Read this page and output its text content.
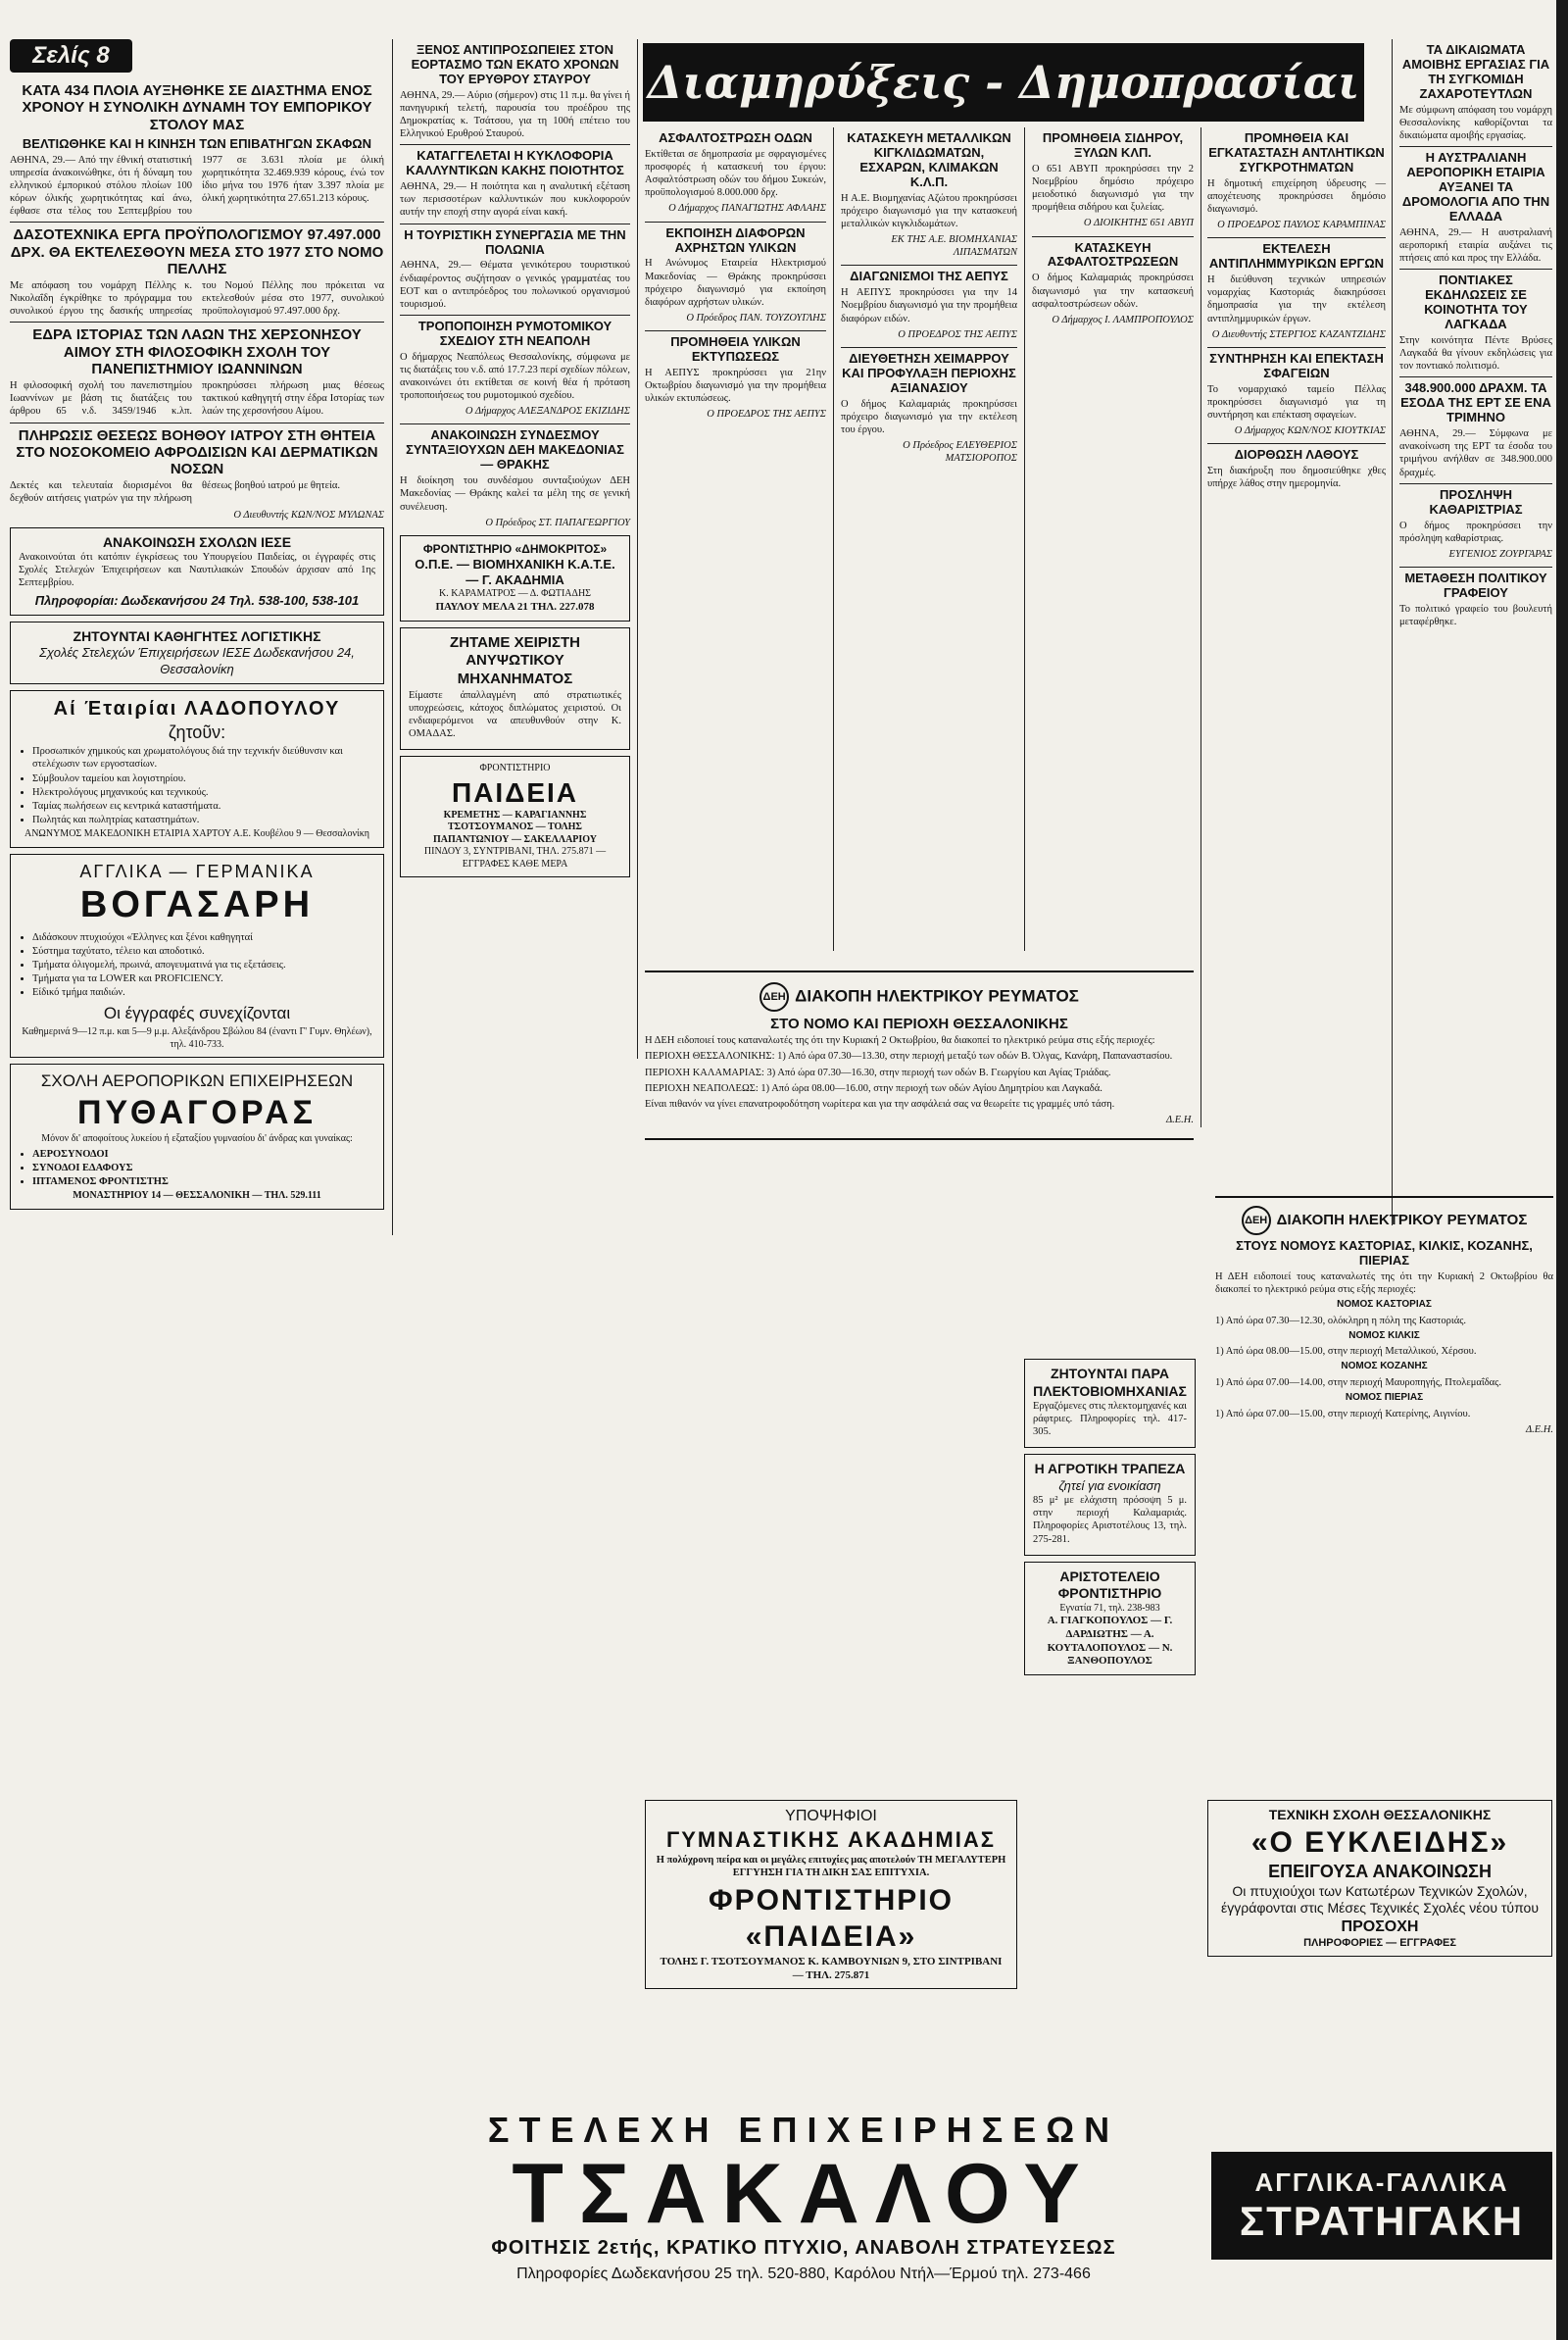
Σελίς 8
Διαμηρύξεις - Δημοπρασίαι
ΚΑΤΑ 434 ΠΛΟΙΑ ΑΥΞΗΘΗΚΕ ΣΕ ΔΙΑΣΤΗΜΑ ΕΝΟΣ ΧΡΟΝΟΥ Η ΣΥΝΟΛΙΚΗ ΔΥΝΑΜΗ ΤΟΥ ΕΜΠΟΡΙΚΟΥ ΣΤΟΛΟΥ ΜΑΣ
ΒΕΛΤΙΩΘΗΚΕ ΚΑΙ Η ΚΙΝΗΣΗ ΤΩΝ ΕΠΙΒΑΤΗΓΩΝ ΣΚΑΦΩΝ

ΑΘΗΝΑ, 29.— Από την έθνική στατιστική υπηρεσία άνακοινώθηκε, ότι ή δύναμη του ελληνικού έμπορικού στόλου πλοίων 100 κόρων όλικής χωρητικότητας καί άνω, έφθασε στα τέλος του Σεπτεμβρίου του 1977 σε 3.631 πλοία με όλική χωρητικότητα 32.469.939 κόρους, ένώ τον ίδιο μήνα του 1976 ήταν 3.397 πλοία με όλική χωρητικότητα 27.651.213 κόρους.

ΔΑΣΟΤΕΧΝΙΚΑ ΕΡΓΑ ΠΡΟΫΠΟΛΟΓΙΣΜΟΥ 97.497.000 ΔΡΧ. ΘΑ ΕΚΤΕΛΕΣΘΟΥΝ ΜΕΣΑ ΣΤΟ 1977 ΣΤΟ ΝΟΜΟ ΠΕΛΛΗΣ

Με απόφαση του νομάρχη Πέλλης κ. Νικολαΐδη έγκρίθηκε το πρόγραμμα του συνολικού έργου της δασικής υπηρεσίας του Νομού Πέλλης που πρόκειται να εκτελεσθούν μέσα στο 1977, συνολικού προϋπολογισμού 97.497.000 δρχ.

ΕΔΡΑ ΙΣΤΟΡΙΑΣ ΤΩΝ ΛΑΩΝ ΤΗΣ ΧΕΡΣΟΝΗΣΟΥ ΑΙΜΟΥ ΣΤΗ ΦΙΛΟΣΟΦΙΚΗ ΣΧΟΛΗ ΤΟΥ ΠΑΝΕΠΙΣΤΗΜΙΟΥ ΙΩΑΝΝΙΝΩΝ

Η φιλοσοφική σχολή του πανεπιστημίου Ιωαννίνων με βάση τις διατάξεις του άρθρου 65 ν.δ. 3459/1946 κ.λπ. προκηρύσσει πλήρωση μιας θέσεως τακτικού καθηγητή στην έδρα Ιστορίας των λαών της χερσονήσου Αίμου.

ΠΛΗΡΩΣΙΣ ΘΕΣΕΩΣ ΒΟΗΘΟΥ ΙΑΤΡΟΥ ΣΤΗ ΘΗΤΕΙΑ ΣΤΟ ΝΟΣΟΚΟΜΕΙΟ ΑΦΡΟΔΙΣΙΩΝ ΚΑΙ ΔΕΡΜΑΤΙΚΩΝ ΝΟΣΩΝ

Δεκτές και τελευταία διορισμένοι θα δεχθούν αιτήσεις γιατρών για την πλήρωση θέσεως βοηθού ιατρού με θητεία.

Ο Διευθυντής ΚΩΝ/ΝΟΣ ΜΥΛΩΝΑΣ
ΑΝΑΚΟΙΝΩΣΗ ΣΧΟΛΩΝ ΙΕΣΕ

Ανακοινούται ότι κατόπιν έγκρίσεως του Υπουργείου Παιδείας, οι έγγραφές στις Σχολές Στελεχών Έπιχειρήσεων και Ναυτιλιακών Σπουδών άρχισαν από 1ης Σεπτεμβρίου.

Πληροφορίαι: Δωδεκανήσου 24 Τηλ. 538-100, 538-101
ΖΗΤΟΥΝΤΑΙ ΚΑΘΗΓΗΤΕΣ ΛΟΓΙΣΤΙΚΗΣ
Σχολές Στελεχών Έπιχειρήσεων ΙΕΣΕ Δωδεκανήσου 24, Θεσσαλονίκη
Αί Έταιρίαι ΛΑΔΟΠΟΥΛΟΥ
ζητοῦν:
• Προσωπικόν χημικούς και χρωματολόγους διά την τεχνικήν διεύθυνσιν και στελέχωσιν των εργοστασίων.
• Σύμβουλον ταμείου και λογιστηρίου.
• Ηλεκτρολόγους μηχανικούς και τεχνικούς.
• Ταμίας πωλήσεων εις κεντρικά καταστήματα.
• Πωλητάς και πωλητρίας καταστημάτων.
ΑΝΩΝΥΜΟΣ ΜΑΚΕΔΟΝΙΚΗ ΕΤΑΙΡΙΑ ΧΑΡΤΟΥ Α.Ε. Κουβέλου 9 — Θεσσαλονίκη
ΑΓΓΛΙΚΑ — ΓΕΡΜΑΝΙΚΑ
ΒΟΓΑΣΑΡΗ
• Διδάσκουν πτυχιούχοι «Έλληνες και ξένοι καθηγηταί
• Σύστημα ταχύτατο, τέλειο και αποδοτικό.
• Τμήματα όλιγομελή, πρωινά, απογευματινά για τις εξετάσεις.
• Τμήματα για τα LOWER και PROFICIENCY.
• Είδικό τμήμα παιδιών.
Οι έγγραφές συνεχίζονται
Καθημερινά 9—12 π.μ. και 5—9 μ.μ. Αλεξάνδρου Σβώλου 84 (έναντι Γ' Γυμν. Θηλέων), τηλ. 410-733.
ΣΧΟΛΗ ΑΕΡΟΠΟΡΙΚΩΝ ΕΠΙΧΕΙΡΗΣΕΩΝ
ΠΥΘΑΓΟΡΑΣ
Μόνον δι' αποφοίτους λυκείου ή εξαταξίου γυμνασίου δι' άνδρας και γυναίκας:
• ΑΕΡΟΣΥΝΟΔΟΙ
• ΣΥΝΟΔΟΙ ΕΔΑΦΟΥΣ
• ΙΠΤΑΜΕΝΟΣ ΦΡΟΝΤΙΣΤΗΣ
ΜΟΝΑΣΤΗΡΙΟΥ 14 — ΘΕΣΣΑΛΟΝΙΚΗ — ΤΗΛ. 529.111
ΞΕΝΟΣ ΑΝΤΙΠΡΟΣΩΠΕΙΕΣ ΣΤΟΝ ΕΟΡΤΑΣΜΟ ΤΩΝ ΕΚΑΤΟ ΧΡΟΝΩΝ ΤΟΥ ΕΡΥΘΡΟΥ ΣΤΑΥΡΟΥ

ΑΘΗΝΑ, 29.— Αύριο (σήμερον) στις 11 π.μ. θα γίνει ή πανηγυρική τελετή, παρουσία του προέδρου της Δημοκρατίας κ. Τσάτσου, για τη 100ή επέτειο του Ελληνικού Ερυθρού Σταυρού.

ΚΑΤΑΓΓΕΛΕΤΑΙ Η ΚΥΚΛΟΦΟΡΙΑ ΚΑΛΛΥΝΤΙΚΩΝ ΚΑΚΗΣ ΠΟΙΟΤΗΤΟΣ

ΑΘΗΝΑ, 29.— Η ποιότητα και η αναλυτική εξέταση των περισσοτέρων καλλυντικών που κυκλοφορούν αυτήν την εποχή στην αγορά είναι κακή.

Η ΤΟΥΡΙΣΤΙΚΗ ΣΥΝΕΡΓΑΣΙΑ ΜΕ ΤΗΝ ΠΟΛΩΝΙΑ

ΑΘΗΝΑ, 29.— Θέματα γενικότερου τουριστικού ένδιαφέροντος συζήτησαν ο γενικός γραμματέας του ΕΟΤ και ο αντιπρόεδρος του πολωνικού οργανισμού τουρισμού.

ΤΡΟΠΟΠΟΙΗΣΗ ΡΥΜΟΤΟΜΙΚΟΥ ΣΧΕΔΙΟΥ ΣΤΗ ΝΕΑΠΟΛΗ

Ο δήμαρχος Νεαπόλεως Θεσσαλονίκης, σύμφωνα με τις διατάξεις του ν.δ. από 17.7.23 περί σχεδίων πόλεων, ανακοινώνει ότι εκτίθεται σε κοινή θέα ή πρόταση τροποποιήσεως του ρυμοτομικού σχεδίου.

Ο Δήμαρχος ΑΛΕΞΑΝΔΡΟΣ ΕΚΙΖΙΔΗΣ
ΑΝΑΚΟΙΝΩΣΗ ΣΥΝΔΕΣΜΟΥ ΣΥΝΤΑΞΙΟΥΧΩΝ ΔΕΗ ΜΑΚΕΔΟΝΙΑΣ — ΘΡΑΚΗΣ

Η διοίκηση του συνδέσμου συνταξιούχων ΔΕΗ Μακεδονίας — Θράκης καλεί τα μέλη της σε γενική συνέλευση.

Ο Πρόεδρος ΣΤ. ΠΑΠΑΓΕΩΡΓΙΟΥ
ΦΡΟΝΤΙΣΤΗΡΙΟ «ΔΗΜΟΚΡΙΤΟΣ»
Ο.Π.Ε. — ΒΙΟΜΗΧΑΝΙΚΗ Κ.Α.Τ.Ε. — Γ. ΑΚΑΔΗΜΙΑ
Κ. ΚΑΡΑΜΑΤΡΟΣ — Δ. ΦΩΤΙΑΔΗΣ
ΠΑΥΛΟΥ ΜΕΛΑ 21 ΤΗΛ. 227.078
ΖΗΤΑΜΕ ΧΕΙΡΙΣΤΗ ΑΝΥΨΩΤΙΚΟΥ ΜΗΧΑΝΗΜΑΤΟΣ

Είμαστε άπαλλαγμένη από στρατιωτικές υποχρεώσεις, κάτοχος διπλώματος χειριστού. Οι ενδιαφερόμενοι να απευθυνθούν στην Κ. ΟΜΑΔΑΣ.

ΦΡΟΝΤΙΣΤΗΡΙΟ
ΠΑΙΔΕΙΑ
ΚΡΕΜΕΤΗΣ — ΚΑΡΑΓΙΑΝΝΗΣ ΤΣΟΤΣΟΥΜΑΝΟΣ — ΤΟΛΗΣ ΠΑΠΑΝΤΩΝΙΟΥ — ΣΑΚΕΛΛΑΡΙΟΥ
ΠΙΝΔΟΥ 3, ΣΥΝΤΡΙΒΑΝΙ, ΤΗΛ. 275.871 — ΕΓΓΡΑΦΕΣ ΚΑΘΕ ΜΕΡΑ
ΑΣΦΑΛΤΟΣΤΡΩΣΗ ΟΔΩΝ

Εκτίθεται σε δημοπρασία με σφραγισμένες προσφορές ή κατασκευή του έργου: Ασφαλτόστρωση οδών του δήμου Συκεών, προϋπολογισμού 8.000.000 δρχ.

Ο Δήμαρχος ΠΑΝΑΓΙΩΤΗΣ ΑΦΛΑΗΣ
ΕΚΠΟΙΗΣΗ ΔΙΑΦΟΡΩΝ ΑΧΡΗΣΤΩΝ ΥΛΙΚΩΝ

Η Ανώνυμος Εταιρεία Ηλεκτρισμού Μακεδονίας — Θράκης προκηρύσσει πρόχειρο διαγωνισμό για εκποίηση διαφόρων αχρήστων υλικών.

Ο Πρόεδρος ΠΑΝ. ΤΟΥΖΟΥΓΛΗΣ
ΠΡΟΜΗΘΕΙΑ ΥΛΙΚΩΝ ΕΚΤΥΠΩΣΕΩΣ

Η ΑΕΠΥΣ προκηρύσσει για 21ην Οκτωβρίου διαγωνισμό για την προμήθεια υλικών εκτυπώσεως.

Ο ΠΡΟΕΔΡΟΣ ΤΗΣ ΑΕΠΥΣ
ΚΑΤΑΣΚΕΥΗ ΜΕΤΑΛΛΙΚΩΝ ΚΙΓΚΛΙΔΩΜΑΤΩΝ, ΕΣΧΑΡΩΝ, ΚΛΙΜΑΚΩΝ Κ.Λ.Π.

Η Α.Ε. Βιομηχανίας Αζώτου προκηρύσσει πρόχειρο διαγωνισμό για την κατασκευή μεταλλικών κιγκλιδωμάτων.

ΕΚ ΤΗΣ Α.Ε. ΒΙΟΜΗΧΑΝΙΑΣ ΛΙΠΑΣΜΑΤΩΝ
ΔΙΑΓΩΝΙΣΜΟΙ ΤΗΣ ΑΕΠΥΣ

Η ΑΕΠΥΣ προκηρύσσει για την 14 Νοεμβρίου διαγωνισμό για την προμήθεια διαφόρων ειδών.

Ο ΠΡΟΕΔΡΟΣ ΤΗΣ ΑΕΠΥΣ
ΔΙΕΥΘΕΤΗΣΗ ΧΕΙΜΑΡΡΟΥ ΚΑΙ ΠΡΟΦΥΛΑΞΗ ΠΕΡΙΟΧΗΣ ΑΞΙΑΝΑΣΙΟΥ

Ο δήμος Καλαμαριάς προκηρύσσει πρόχειρο διαγωνισμό για την εκτέλεση του έργου.

Ο Πρόεδρος ΕΛΕΥΘΕΡΙΟΣ ΜΑΤΣΙΟΡΟΠΟΣ
ΠΡΟΜΗΘΕΙΑ ΣΙΔΗΡΟΥ, ΞΥΛΩΝ ΚΛΠ.

Ο 651 ΑΒΥΠ προκηρύσσει την 2 Νοεμβρίου δημόσιο πρόχειρο μειοδοτικό διαγωνισμό για την προμήθεια σιδήρου και ξυλείας.

Ο ΔΙΟΙΚΗΤΗΣ 651 ΑΒΥΠ
ΚΑΤΑΣΚΕΥΗ ΑΣΦΑΛΤΟΣΤΡΩΣΕΩΝ

Ο δήμος Καλαμαριάς προκηρύσσει διαγωνισμό για την κατασκευή ασφαλτοστρώσεων οδών.

Ο Δήμαρχος Ι. ΛΑΜΠΡΟΠΟΥΛΟΣ
ΠΡΟΜΗΘΕΙΑ ΚΑΙ ΕΓΚΑΤΑΣΤΑΣΗ ΑΝΤΛΗΤΙΚΩΝ ΣΥΓΚΡΟΤΗΜΑΤΩΝ

Η δημοτική επιχείρηση ύδρευσης — αποχέτευσης προκηρύσσει δημόσιο διαγωνισμό.

Ο ΠΡΟΕΔΡΟΣ ΠΑΥΛΟΣ ΚΑΡΑΜΠΙΝΑΣ
ΕΚΤΕΛΕΣΗ ΑΝΤΙΠΛΗΜΜΥΡΙΚΩΝ ΕΡΓΩΝ

Η διεύθυνση τεχνικών υπηρεσιών νομαρχίας Καστοριάς διακηρύσσει δημοπρασία για την εκτέλεση αντιπλημμυρικών έργων.

Ο Διευθυντής ΣΤΕΡΓΙΟΣ ΚΑΖΑΝΤΖΙΔΗΣ
ΣΥΝΤΗΡΗΣΗ ΚΑΙ ΕΠΕΚΤΑΣΗ ΣΦΑΓΕΙΩΝ

Το νομαρχιακό ταμείο Πέλλας προκηρύσσει διαγωνισμό για τη συντήρηση και επέκταση σφαγείων.

Ο Δήμαρχος ΚΩΝ/ΝΟΣ ΚΙΟΥΤΚΙΑΣ
ΔΙΟΡΘΩΣΗ ΛΑΘΟΥΣ

Στη διακήρυξη που δημοσιεύθηκε χθες υπήρχε λάθος στην ημερομηνία.

ΤΑ ΔΙΚΑΙΩΜΑΤΑ ΑΜΟΙΒΗΣ ΕΡΓΑΣΙΑΣ ΓΙΑ ΤΗ ΣΥΓΚΟΜΙΔΗ ΖΑΧΑΡΟΤΕΥΤΛΩΝ

Με σύμφωνη απόφαση του νομάρχη Θεσσαλονίκης καθορίζονται τα δικαιώματα αμοιβής εργασίας.

Η ΑΥΣΤΡΑΛΙΑΝΗ ΑΕΡΟΠΟΡΙΚΗ ΕΤΑΙΡΙΑ ΑΥΞΑΝΕΙ ΤΑ ΔΡΟΜΟΛΟΓΙΑ ΑΠΟ ΤΗΝ ΕΛΛΑΔΑ

ΑΘΗΝΑ, 29.— Η αυστραλιανή αεροπορική εταιρία αυξάνει τις πτήσεις από και προς την Ελλάδα.

ΠΟΝΤΙΑΚΕΣ ΕΚΔΗΛΩΣΕΙΣ ΣΕ ΚΟΙΝΟΤΗΤΑ ΤΟΥ ΛΑΓΚΑΔΑ

Στην κοινότητα Πέντε Βρύσες Λαγκαδά θα γίνουν εκδηλώσεις για τον ποντιακό πολιτισμό.

348.900.000 ΔΡΑΧΜ. ΤΑ ΕΣΟΔΑ ΤΗΣ ΕΡΤ ΣΕ ΕΝΑ ΤΡΙΜΗΝΟ

ΑΘΗΝΑ, 29.— Σύμφωνα με ανακοίνωση της ΕΡΤ τα έσοδα του τριμήνου ανήλθαν σε 348.900.000 δραχμές.

ΠΡΟΣΛΗΨΗ ΚΑΘΑΡΙΣΤΡΙΑΣ

Ο δήμος προκηρύσσει την πρόσληψη καθαρίστριας.

ΕΥΓΕΝΙΟΣ ΖΟΥΡΓΑΡΑΣ
ΜΕΤΑΘΕΣΗ ΠΟΛΙΤΙΚΟΥ ΓΡΑΦΕΙΟΥ

Το πολιτικό γραφείο του βουλευτή μεταφέρθηκε.

ΔΕΗ ΔΙΑΚΟΠΗ ΗΛΕΚΤΡΙΚΟΥ ΡΕΥΜΑΤΟΣ
ΣΤΟ ΝΟΜΟ ΚΑΙ ΠΕΡΙΟΧΗ ΘΕΣΣΑΛΟΝΙΚΗΣ

Η ΔΕΗ ειδοποιεί τους καταναλωτές της ότι την Κυριακή 2 Οκτωβρίου, θα διακοπεί το ηλεκτρικό ρεύμα στις εξής περιοχές:

ΠΕΡΙΟΧΗ ΘΕΣΣΑΛΟΝΙΚΗΣ: 1) Από ώρα 07.30—13.30, στην περιοχή μεταξύ των οδών Β. Όλγας, Κανάρη, Παπαναστασίου.

ΠΕΡΙΟΧΗ ΚΑΛΑΜΑΡΙΑΣ: 3) Από ώρα 07.30—16.30, στην περιοχή των οδών Β. Γεωργίου και Αγίας Τριάδας.

ΠΕΡΙΟΧΗ ΝΕΑΠΟΛΕΩΣ: 1) Από ώρα 08.00—16.00, στην περιοχή των οδών Αγίου Δημητρίου και Λαγκαδά.

Είναι πιθανόν να γίνει επανατροφοδότηση νωρίτερα και για την ασφάλειά σας να θεωρείτε τις γραμμές υπό τάση.

Δ.Ε.Η.
ΖΗΤΟΥΝΤΑΙ ΠΑΡΑ ΠΛΕΚΤΟΒΙΟΜΗΧΑΝΙΑΣ

Εργαζόμενες στις πλεκτομηχανές και ράφτριες. Πληροφορίες τηλ. 417-305.

Η ΑΓΡΟΤΙΚΗ ΤΡΑΠΕΖΑ
ζητεί για ενοικίαση

85 μ² με ελάχιστη πρόσοψη 5 μ. στην περιοχή Καλαμαριάς. Πληροφορίες Αριστοτέλους 13, τηλ. 275-281.

ΑΡΙΣΤΟΤΕΛΕΙΟ ΦΡΟΝΤΙΣΤΗΡΙΟ
Εγνατία 71, τηλ. 238-983
Α. ΓΙΑΓΚΟΠΟΥΛΟΣ — Γ. ΔΑΡΔΙΩΤΗΣ — Α. ΚΟΥΤΑΛΟΠΟΥΛΟΣ — Ν. ΞΑΝΘΟΠΟΥΛΟΣ
ΥΠΟΨΗΦΙΟΙ
ΓΥΜΝΑΣΤΙΚΗΣ ΑΚΑΔΗΜΙΑΣ

Η πολύχρονη πείρα και οι μεγάλες επιτυχίες μας αποτελούν ΤΗ ΜΕΓΑΛΥΤΕΡΗ ΕΓΓΥΗΣΗ ΓΙΑ ΤΗ ΔΙΚΗ ΣΑΣ ΕΠΙΤΥΧΙΑ.

ΦΡΟΝΤΙΣΤΗΡΙΟ «ΠΑΙΔΕΙΑ»
ΤΟΛΗΣ Γ. ΤΣΟΤΣΟΥΜΑΝΟΣ Κ. ΚΑΜΒΟΥΝΙΩΝ 9, ΣΤΟ ΣΙΝΤΡΙΒΑΝΙ — ΤΗΛ. 275.871
ΔΕΗ ΔΙΑΚΟΠΗ ΗΛΕΚΤΡΙΚΟΥ ΡΕΥΜΑΤΟΣ
ΣΤΟΥΣ ΝΟΜΟΥΣ ΚΑΣΤΟΡΙΑΣ, ΚΙΛΚΙΣ, ΚΟΖΑΝΗΣ, ΠΙΕΡΙΑΣ

Η ΔΕΗ ειδοποιεί τους καταναλωτές της ότι την Κυριακή 2 Οκτωβρίου θα διακοπεί το ηλεκτρικό ρεύμα στις εξής περιοχές:

ΝΟΜΟΣ ΚΑΣΤΟΡΙΑΣ

1) Από ώρα 07.30—12.30, ολόκληρη η πόλη της Καστοριάς.

ΝΟΜΟΣ ΚΙΛΚΙΣ

1) Από ώρα 08.00—15.00, στην περιοχή Μεταλλικού, Χέρσου.

ΝΟΜΟΣ ΚΟΖΑΝΗΣ

1) Από ώρα 07.00—14.00, στην περιοχή Μαυροπηγής, Πτολεμαΐδας.

ΝΟΜΟΣ ΠΙΕΡΙΑΣ

1) Από ώρα 07.00—15.00, στην περιοχή Κατερίνης, Αιγινίου.

Δ.Ε.Η.
ΤΕΧΝΙΚΗ ΣΧΟΛΗ ΘΕΣΣΑΛΟΝΙΚΗΣ
«Ο ΕΥΚΛΕΙΔΗΣ»
ΕΠΕΙΓΟΥΣΑ ΑΝΑΚΟΙΝΩΣΗ
Οι πτυχιούχοι των Κατωτέρων Τεχνικών Σχολών, έγγράφονται στις Μέσες Τεχνικές Σχολές νέου τύπου
ΠΡΟΣΟΧΗ
ΠΛΗΡΟΦΟΡΙΕΣ — ΕΓΓΡΑΦΕΣ
ΑΓΓΛΙΚΑ-ΓΑΛΛΙΚΑ
ΣΤΡΑΤΗΓΑΚΗ
ΣΤΕΛΕΧΗ ΕΠΙΧΕΙΡΗΣΕΩΝ
ΤΣΑΚΑΛΟΥ
ΦΟΙΤΗΣΙΣ 2ετής, ΚΡΑΤΙΚΟ ΠΤΥΧΙΟ, ΑΝΑΒΟΛΗ ΣΤΡΑΤΕΥΣΕΩΣ
Πληροφορίες Δωδεκανήσου 25 τηλ. 520-880, Καρόλου Ντήλ—Έρμού τηλ. 273-466
